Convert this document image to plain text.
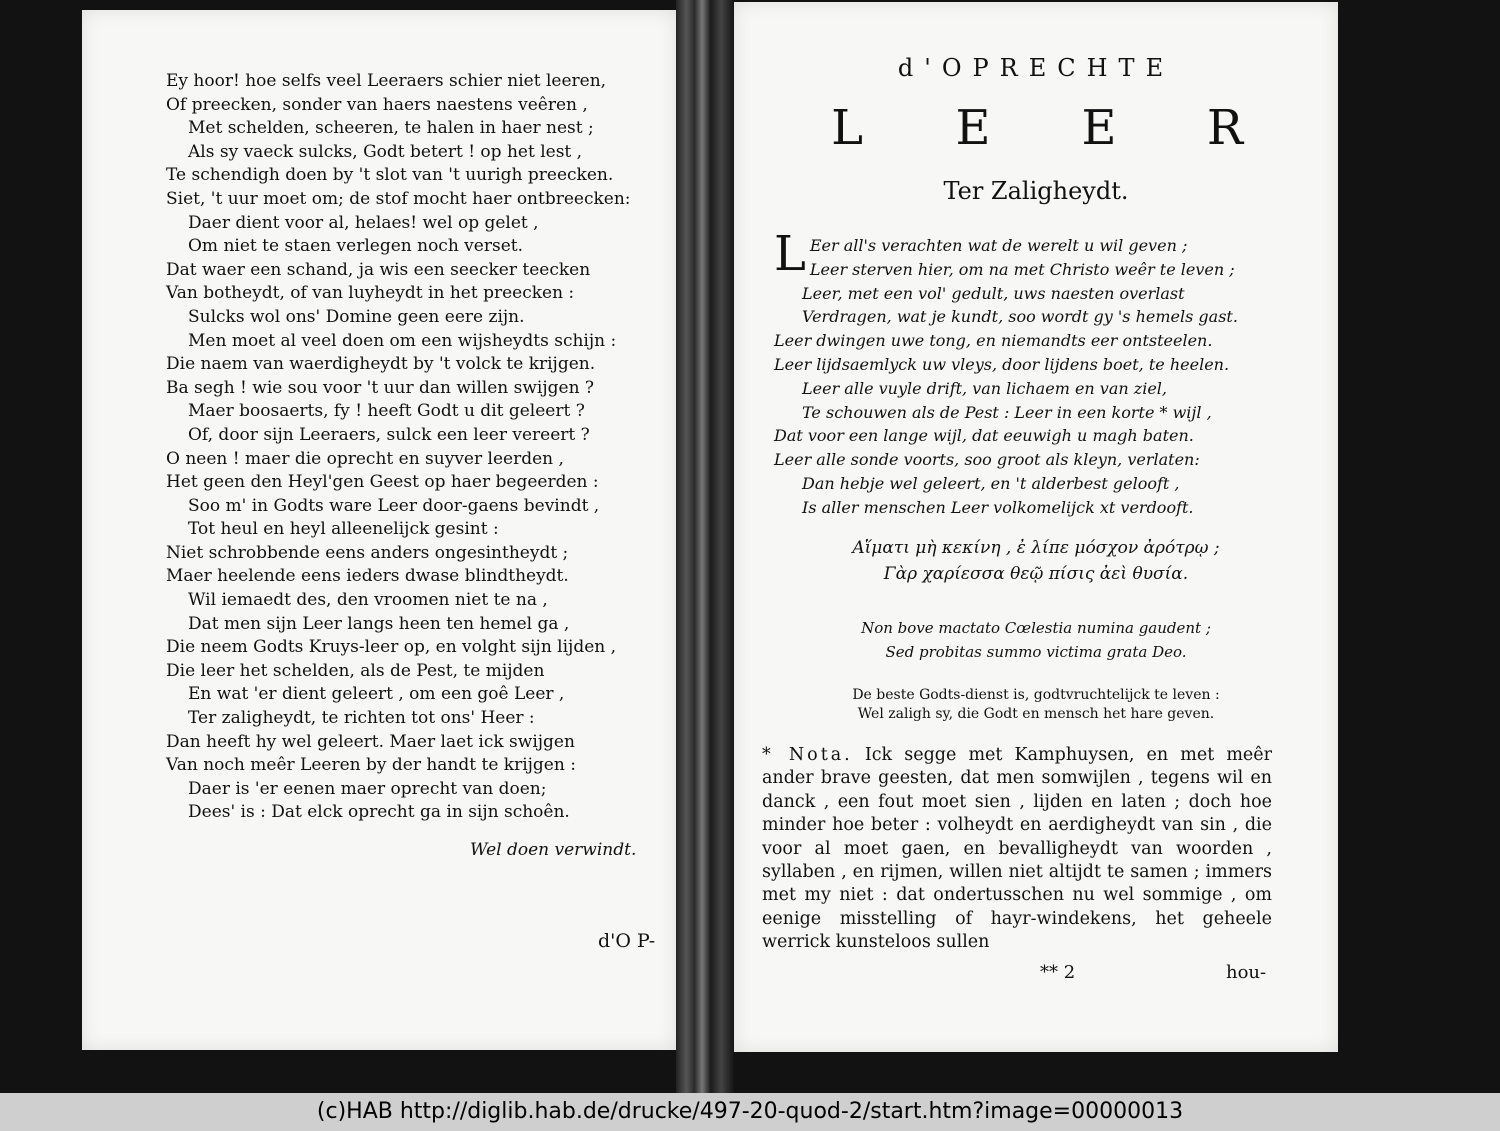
Ey hoor! hoe selfs veel Leeraers schier niet leeren,
Of preecken, sonder van haers naestens veêren ,
Met schelden, scheeren, te halen in haer nest ;
Als sy vaeck sulcks, Godt betert ! op het lest ,
Te schendigh doen by 't slot van 't uurigh preecken.
Siet, 't uur moet om; de stof mocht haer ontbreecken:
Daer dient voor al, helaes! wel op gelet ,
Om niet te staen verlegen noch verset.
Dat waer een schand, ja wis een seecker teecken
Van botheydt, of van luyheydt in het preecken :
Sulcks wol ons' Domine geen eere zijn.
Men moet al veel doen om een wijsheydts schijn :
Die naem van waerdigheydt by 't volck te krijgen.
Ba segh ! wie sou voor 't uur dan willen swijgen ?
Maer boosaerts, fy ! heeft Godt u dit geleert ?
Of, door sijn Leeraers, sulck een leer vereert ?
O neen ! maer die oprecht en suyver leerden ,
Het geen den Heyl'gen Geest op haer begeerden :
Soo m' in Godts ware Leer door-gaens bevindt ,
Tot heul en heyl alleenelijck gesint :
Niet schrobbende eens anders ongesintheydt ;
Maer heelende eens ieders dwase blindtheydt.
Wil iemaedt des, den vroomen niet te na ,
Dat men sijn Leer langs heen ten hemel ga ,
Die neem Godts Kruys-leer op, en volght sijn lijden ,
Die leer het schelden, als de Pest, te mijden
En wat 'er dient geleert , om een goê Leer ,
Ter zaligheydt, te richten tot ons' Heer :
Dan heeft hy wel geleert. Maer laet ick swijgen
Van noch meêr Leeren by der handt te krijgen :
Daer is 'er eenen maer oprecht van doen;
Dees' is : Dat elck oprecht ga in sijn schoên.
Wel doen verwindt.
d'O P-
d'OPRECHTE
L E E R
Ter Zaligheydt.
L Eer all's verachten wat de werelt u wil geven ;
Leer sterven hier, om na met Christo weêr te leven ;
Leer, met een vol' gedult, uws naesten overlast
Verdragen, wat je kundt, soo wordt gy 's hemels gast.
Leer dwingen uwe tong, en niemandts eer ontsteelen.
Leer lijdsaemlyck uw vleys, door lijdens boet, te heelen.
Leer alle vuyle drift, van lichaem en van ziel,
Te schouwen als de Pest : Leer in een korte * wijl ,
Dat voor een lange wijl, dat eeuwigh u magh baten.
Leer alle sonde voorts, soo groot als kleyn, verlaten:
Dan hebje wel geleert, en 't alderbest gelooft ,
Is aller menschen Leer volkomelijck xt verdooft.
Αἵματι μὴ κεκίνη , ἐ λίπε μόσχον ἀρότρῳ ;
Γὰρ χαρίεσσα θεῷ πίσις ἀεὶ θυσία.
Non bove mactato Cœlestia numina gaudent ;
Sed probitas summo victima grata Deo.
De beste Godts-dienst is, godtvruchtelijck te leven :
Wel zaligh sy, die Godt en mensch het hare geven.
* Nota. Ick segge met Kamphuysen, en met meêr ander brave geesten, dat men somwijlen , tegens wil en danck , een fout moet sien , lijden en laten ; doch hoe minder hoe beter : volheydt en aerdigheydt van sin , die voor al moet gaen, en bevalligheydt van woorden , syllaben , en rijmen, willen niet altijdt te samen ; immers met my niet : dat ondertusschen nu wel sommige , om eenige misstelling of hayr-windekens, het geheele werrick kunsteloos sullen
** 2	hou-
(c)HAB http://diglib.hab.de/drucke/497-20-quod-2/start.htm?image=00000013
